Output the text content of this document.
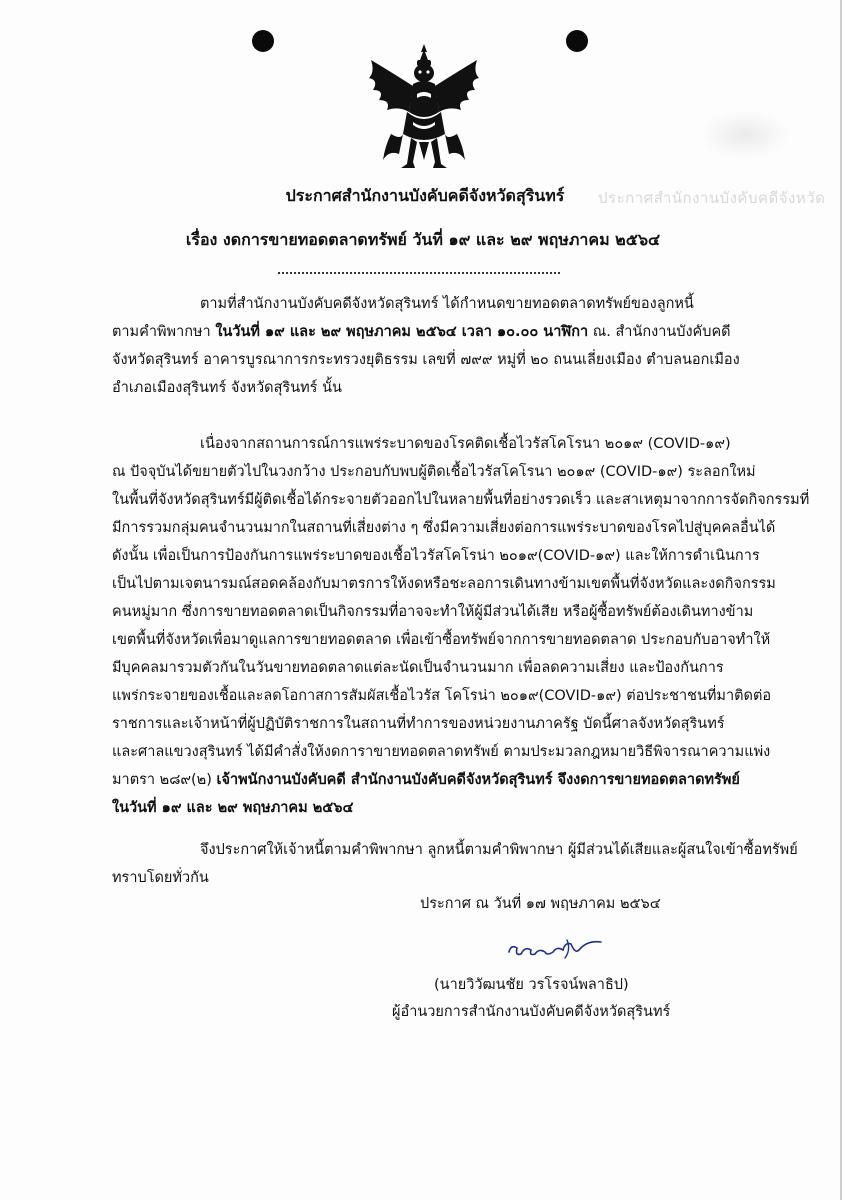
ประกาศสำนักงานบังคับคดีจังหวัด
ประกาศสำนักงานบังคับคดีจังหวัดสุรินทร์
เรื่อง งดการขายทอดตลาดทรัพย์ วันที่ ๑๙ และ ๒๙ พฤษภาคม ๒๕๖๔
ตามที่สำนักงานบังคับคดีจังหวัดสุรินทร์ ได้กำหนดขายทอดตลาดทรัพย์ของลูกหนี้
ตามคำพิพากษา ในวันที่ ๑๙ และ ๒๙ พฤษภาคม ๒๕๖๔ เวลา ๑๐.๐๐ นาฬิกา ณ. สำนักงานบังคับคดี
จังหวัดสุรินทร์ อาคารบูรณาการกระทรวงยุติธรรม เลขที่ ๗๙๙ หมู่ที่ ๒๐ ถนนเลี่ยงเมือง ตำบลนอกเมือง
อำเภอเมืองสุรินทร์ จังหวัดสุรินทร์ นั้น
เนื่องจากสถานการณ์การแพร่ระบาดของโรคติดเชื้อไวรัสโคโรนา ๒๐๑๙ (COVID-๑๙)
ณ ปัจจุบันได้ขยายตัวไปในวงกว้าง ประกอบกับพบผู้ติดเชื้อไวรัสโคโรนา ๒๐๑๙ (COVID-๑๙) ระลอกใหม่
ในพื้นที่จังหวัดสุรินทร์มีผู้ติดเชื้อได้กระจายตัวออกไปในหลายพื้นที่อย่างรวดเร็ว และสาเหตุมาจากการจัดกิจกรรมที่
มีการรวมกลุ่มคนจำนวนมากในสถานที่เสี่ยงต่าง ๆ ซึ่งมีความเสี่ยงต่อการแพร่ระบาดของโรคไปสู่บุคคลอื่นได้
ดังนั้น เพื่อเป็นการป้องกันการแพร่ระบาดของเชื้อไวรัสโคโรน่า ๒๐๑๙(COVID-๑๙) และให้การดำเนินการ
เป็นไปตามเจตนารมณ์สอดคล้องกับมาตรการให้งดหรือชะลอการเดินทางข้ามเขตพื้นที่จังหวัดและงดกิจกรรม
คนหมู่มาก ซึ่งการขายทอดตลาดเป็นกิจกรรมที่อาจจะทำให้ผู้มีส่วนได้เสีย หรือผู้ซื้อทรัพย์ต้องเดินทางข้าม
เขตพื้นที่จังหวัดเพื่อมาดูแลการขายทอดตลาด เพื่อเข้าซื้อทรัพย์จากการขายทอดตลาด ประกอบกับอาจทำให้
มีบุคคลมารวมตัวกันในวันขายทอดตลาดแต่ละนัดเป็นจำนวนมาก เพื่อลดความเสี่ยง และป้องกันการ
แพร่กระจายของเชื้อและลดโอกาสการสัมผัสเชื้อไวรัส โคโรน่า ๒๐๑๙(COVID-๑๙) ต่อประชาชนที่มาติดต่อ
ราชการและเจ้าหน้าที่ผู้ปฏิบัติราชการในสถานที่ทำการของหน่วยงานภาครัฐ บัดนี้ศาลจังหวัดสุรินทร์
และศาลแขวงสุรินทร์ ได้มีคำสั่งให้งดการาขายทอดตลาดทรัพย์ ตามประมวลกฎหมายวิธีพิจารณาความแพ่ง
มาตรา ๒๘๙(๒) เจ้าพนักงานบังคับคดี สำนักงานบังคับคดีจังหวัดสุรินทร์ จึงงดการขายทอดตลาดทรัพย์
ในวันที่ ๑๙ และ ๒๙ พฤษภาคม ๒๕๖๔
จึงประกาศให้เจ้าหนี้ตามคำพิพากษา ลูกหนี้ตามคำพิพากษา ผู้มีส่วนได้เสียและผู้สนใจเข้าซื้อทรัพย์
ทราบโดยทั่วกัน
ประกาศ ณ วันที่ ๑๗ พฤษภาคม ๒๕๖๔
(นายวิวัฒนชัย วรโรจน์พลาธิป)
ผู้อำนวยการสำนักงานบังคับคดีจังหวัดสุรินทร์
